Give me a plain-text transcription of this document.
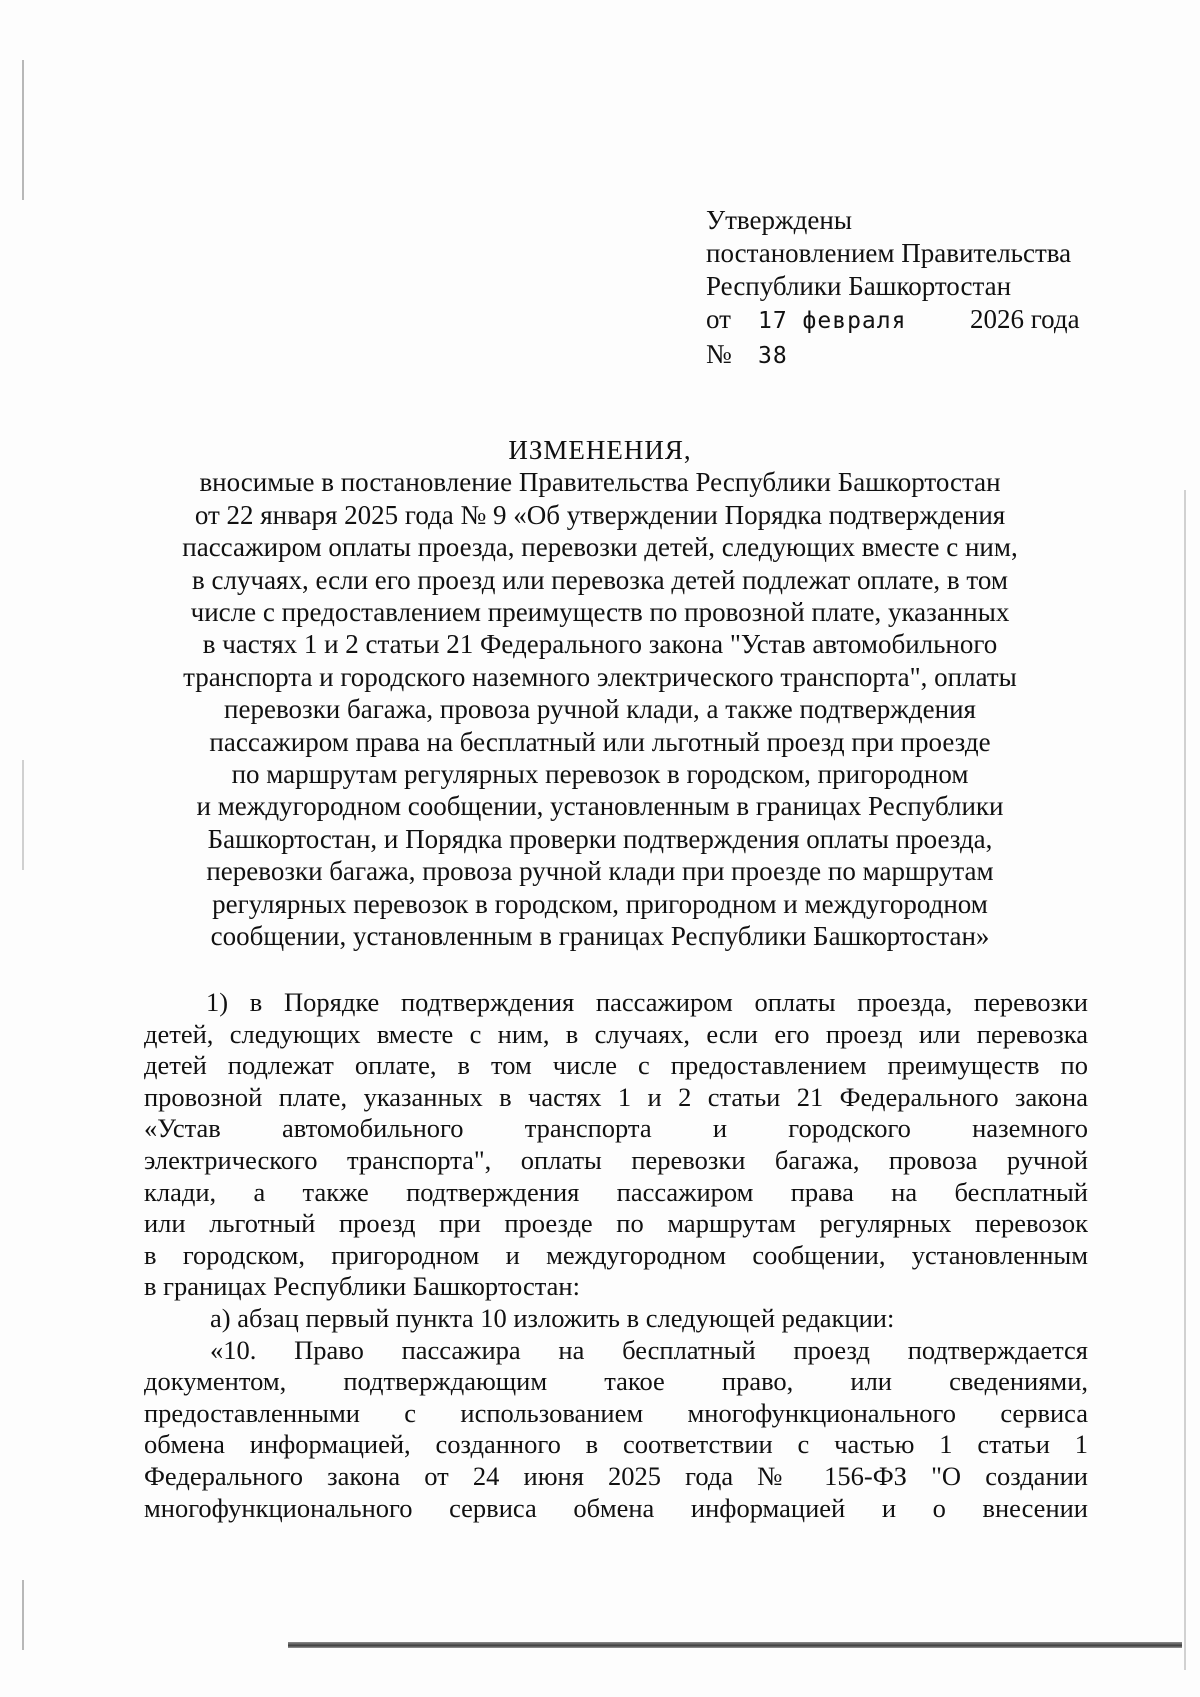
Утверждены
постановлением Правительства
Республики Башкортостан
от 17 февраля 2026 года
№ 38
ИЗМЕНЕНИЯ,
вносимые в постановление Правительства Республики Башкортостан
от 22 января 2025 года № 9 «Об утверждении Порядка подтверждения
пассажиром оплаты проезда, перевозки детей, следующих вместе с ним,
в случаях, если его проезд или перевозка детей подлежат оплате, в том
числе с предоставлением преимуществ по провозной плате, указанных
в частях 1 и 2 статьи 21 Федерального закона "Устав автомобильного
транспорта и городского наземного электрического транспорта", оплаты
перевозки багажа, провоза ручной клади, а также подтверждения
пассажиром права на бесплатный или льготный проезд при проезде
по маршрутам регулярных перевозок в городском, пригородном
и междугородном сообщении, установленным в границах Республики
Башкортостан, и Порядка проверки подтверждения оплаты проезда,
перевозки багажа, провоза ручной клади при проезде по маршрутам
регулярных перевозок в городском, пригородном и междугородном
сообщении, установленным в границах Республики Башкортостан»
1) в Порядке подтверждения пассажиром оплаты проезда, перевозки
детей, следующих вместе с ним, в случаях, если его проезд или перевозка
детей подлежат оплате, в том числе с предоставлением преимуществ по
провозной плате, указанных в частях 1 и 2 статьи 21 Федерального закона
«Устав автомобильного транспорта и городского наземного
электрического транспорта", оплаты перевозки багажа, провоза ручной
клади, а также подтверждения пассажиром права на бесплатный
или льготный проезд при проезде по маршрутам регулярных перевозок
в городском, пригородном и междугородном сообщении, установленным
в границах Республики Башкортостан:
а) абзац первый пункта 10 изложить в следующей редакции:
«10. Право пассажира на бесплатный проезд подтверждается
документом, подтверждающим такое право, или сведениями,
предоставленными с использованием многофункционального сервиса
обмена информацией, созданного в соответствии с частью 1 статьи 1
Федерального закона от 24 июня 2025 года № 156-ФЗ "О создании
многофункционального сервиса обмена информацией и о внесении
